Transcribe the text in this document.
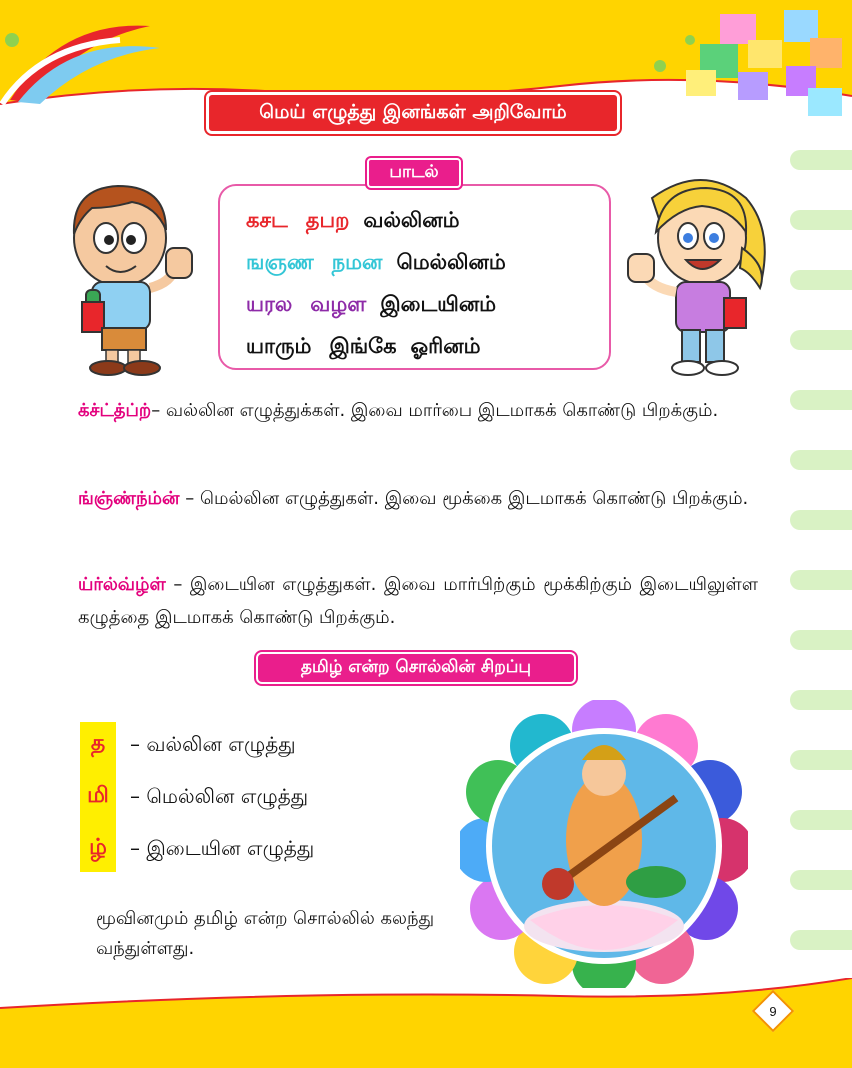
மெய் எழுத்து இனங்கள் அறிவோம்
கசட தபற வல்லினம்
ஙஞண நமன மெல்லினம்
யரல வழள இடையினம்
யாரும் இங்கே ஓரினம்
பாடல்
க்ச்ட்த்ப்ற்– வல்லின எழுத்துக்கள். இவை மார்பை இடமாகக் கொண்டு பிறக்கும்.
ங்ஞ்ண்ந்ம்ன் – மெல்லின எழுத்துகள். இவை மூக்கை இடமாகக் கொண்டு பிறக்கும்.
ய்ர்ல்வ்ழ்ள் – இடையின எழுத்துகள். இவை மார்பிற்கும் மூக்கிற்கும் இடையிலுள்ள கழுத்தை இடமாகக் கொண்டு பிறக்கும்.
தமிழ் என்ற சொல்லின் சிறப்பு
த	– வல்லின எழுத்து
மி	– மெல்லின எழுத்து
ழ்	– இடையின எழுத்து
மூவினமும் தமிழ் என்ற சொல்லில் கலந்து வந்துள்ளது.
9
